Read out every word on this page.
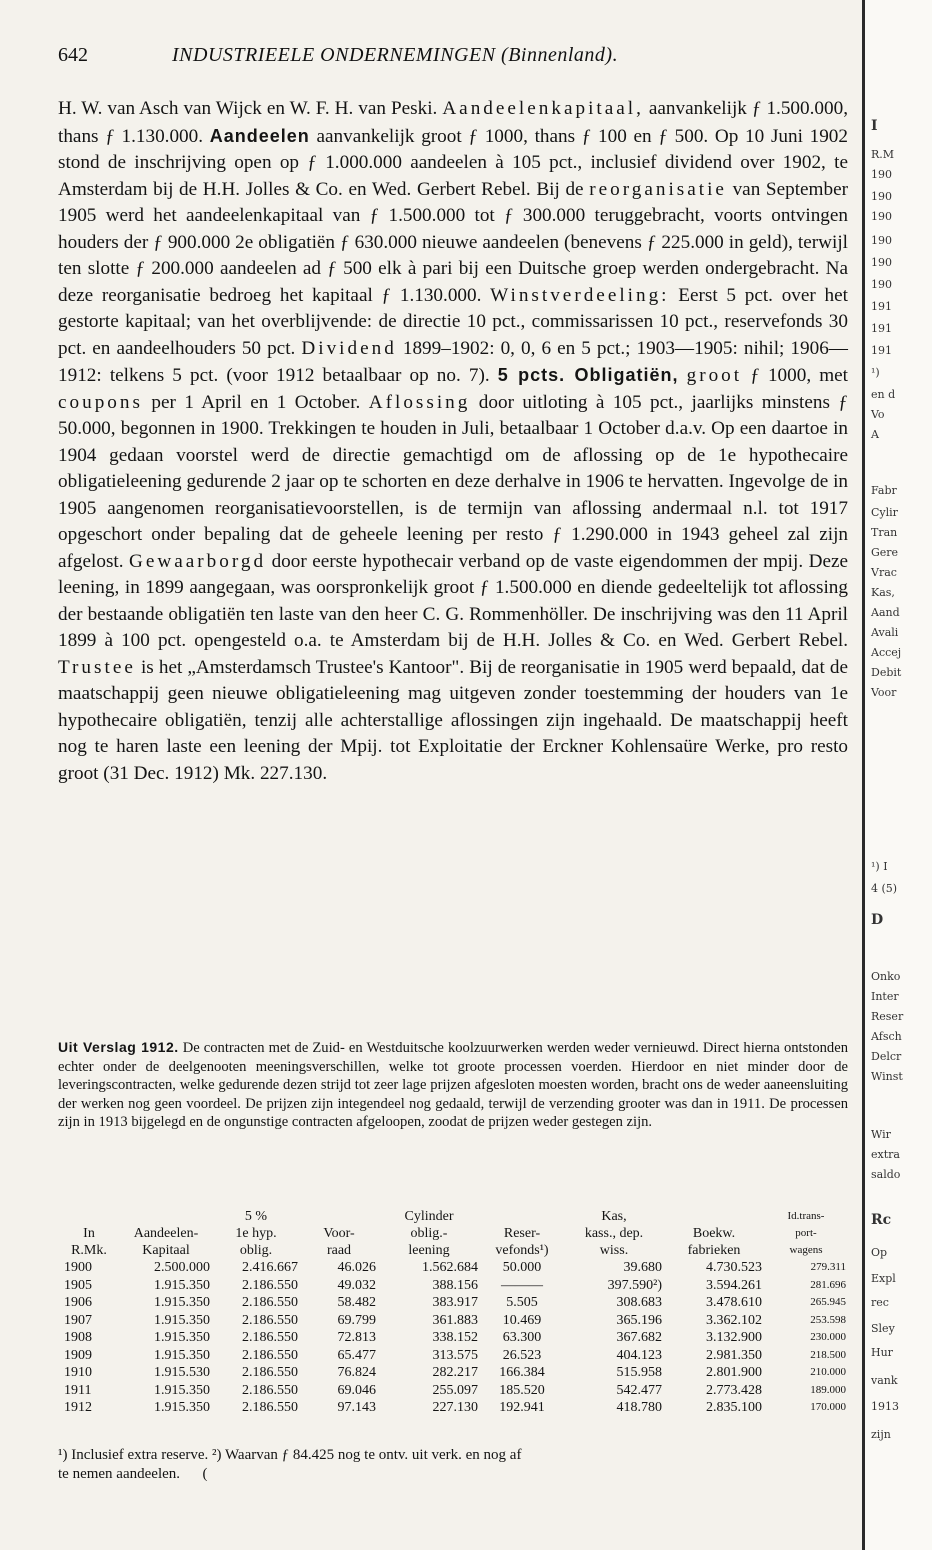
642	INDUSTRIEELE ONDERNEMINGEN (Binnenland).

H. W. van Asch van Wijck en W. F. H. van Peski. Aandeelenkapitaal, aanvankelijk ƒ 1.500.000, thans ƒ 1.130.000. Aandeelen aanvankelijk groot ƒ 1000, thans ƒ 100 en ƒ 500. Op 10 Juni 1902 stond de inschrijving open op ƒ 1.000.000 aandeelen à 105 pct., inclusief dividend over 1902, te Amsterdam bij de H.H. Jolles & Co. en Wed. Gerbert Rebel. Bij de reorganisatie van September 1905 werd het aandeelenkapitaal van ƒ 1.500.000 tot ƒ 300.000 teruggebracht, voorts ontvingen houders der ƒ 900.000 2e obligatiën ƒ 630.000 nieuwe aandeelen (benevens ƒ 225.000 in geld), terwijl ten slotte ƒ 200.000 aandeelen ad ƒ 500 elk à pari bij een Duitsche groep werden ondergebracht. Na deze reorganisatie bedroeg het kapitaal ƒ 1.130.000. Winstverdeeling: Eerst 5 pct. over het gestorte kapitaal; van het overblijvende: de directie 10 pct., commissarissen 10 pct., reservefonds 30 pct. en aandeelhouders 50 pct. Dividend 1899–1902: 0, 0, 6 en 5 pct.; 1903—1905: nihil; 1906—1912: telkens 5 pct. (voor 1912 betaalbaar op no. 7). 5 pcts. Obligatiën, groot ƒ 1000, met coupons per 1 April en 1 October. Aflossing door uitloting à 105 pct., jaarlijks minstens ƒ 50.000, begonnen in 1900. Trekkingen te houden in Juli, betaalbaar 1 October d.a.v. Op een daartoe in 1904 gedaan voorstel werd de directie gemachtigd om de aflossing op de 1e hypothecaire obligatieleening gedurende 2 jaar op te schorten en deze derhalve in 1906 te hervatten. Ingevolge de in 1905 aangenomen reorganisatievoorstellen, is de termijn van aflossing andermaal n.l. tot 1917 opgeschort onder bepaling dat de geheele leening per resto ƒ 1.290.000 in 1943 geheel zal zijn afgelost. Gewaarborgd door eerste hypothecair verband op de vaste eigendommen der mpij. Deze leening, in 1899 aangegaan, was oorspronkelijk groot ƒ 1.500.000 en diende gedeeltelijk tot aflossing der bestaande obligatiën ten laste van den heer C. G. Rommenhöller. De inschrijving was den 11 April 1899 à 100 pct. opengesteld o.a. te Amsterdam bij de H.H. Jolles & Co. en Wed. Gerbert Rebel. Trustee is het „Amsterdamsch Trustee's Kantoor". Bij de reorganisatie in 1905 werd bepaald, dat de maatschappij geen nieuwe obligatieleening mag uitgeven zonder toestemming der houders van 1e hypothecaire obligatiën, tenzij alle achterstallige aflossingen zijn ingehaald. De maatschappij heeft nog te haren laste een leening der Mpij. tot Exploitatie der Erckner Kohlensaüre Werke, pro resto groot (31 Dec. 1912) Mk. 227.130.

Uit Verslag 1912. De contracten met de Zuid- en Westduitsche koolzuurwerken werden weder vernieuwd. Direct hierna ontstonden echter onder de deelgenooten meeningsverschillen, welke tot groote processen voerden. Hierdoor en niet minder door de leveringscontracten, welke gedurende dezen strijd tot zeer lage prijzen afgesloten moesten worden, bracht ons de weder aaneensluiting der werken nog geen voordeel. De prijzen zijn integendeel nog gedaald, terwijl de verzending grooter was dan in 1911. De processen zijn in 1913 bijgelegd en de ongunstige contracten afgeloopen, zoodat de prijzen weder gestegen zijn.

		5 %		Cylinder		Kas,		Id.trans-
In	Aandeelen-	1e hyp.	Voor-	oblig.-	Reser-	kass., dep.	Boekw.	port-
R.Mk.	Kapitaal	oblig.	raad	leening	vefonds¹)	wiss.	fabrieken	wagens
1900	2.500.000	2.416.667	46.026	1.562.684	50.000	39.680	4.730.523	279.311
1905	1.915.350	2.186.550	49.032	388.156	———	397.590²)	3.594.261	281.696
1906	1.915.350	2.186.550	58.482	383.917	5.505	308.683	3.478.610	265.945
1907	1.915.350	2.186.550	69.799	361.883	10.469	365.196	3.362.102	253.598
1908	1.915.350	2.186.550	72.813	338.152	63.300	367.682	3.132.900	230.000
1909	1.915.350	2.186.550	65.477	313.575	26.523	404.123	2.981.350	218.500
1910	1.915.530	2.186.550	76.824	282.217	166.384	515.958	2.801.900	210.000
1911	1.915.350	2.186.550	69.046	255.097	185.520	542.477	2.773.428	189.000
1912	1.915.350	2.186.550	97.143	227.130	192.941	418.780	2.835.100	170.000

¹) Inclusief extra reserve. ²) Waarvan ƒ 84.425 nog te ontv. uit verk. en nog af

te nemen aandeelen.      (

I
R.M
190
190
190
190
190
190
191
191
191
¹)
en d
Vo
A
Fabr
Cylir
Tran
Gere
Vrac
Kas,
Aand
Avali
Accej
Debit
Voor
¹) I
4 (5)
D
Onko
Inter
Reser
Afsch
Delcr
Winst
Wir
extra
saldo
Rc
Op
Expl
rec
Sley
Hur
vank
1913
zijn
